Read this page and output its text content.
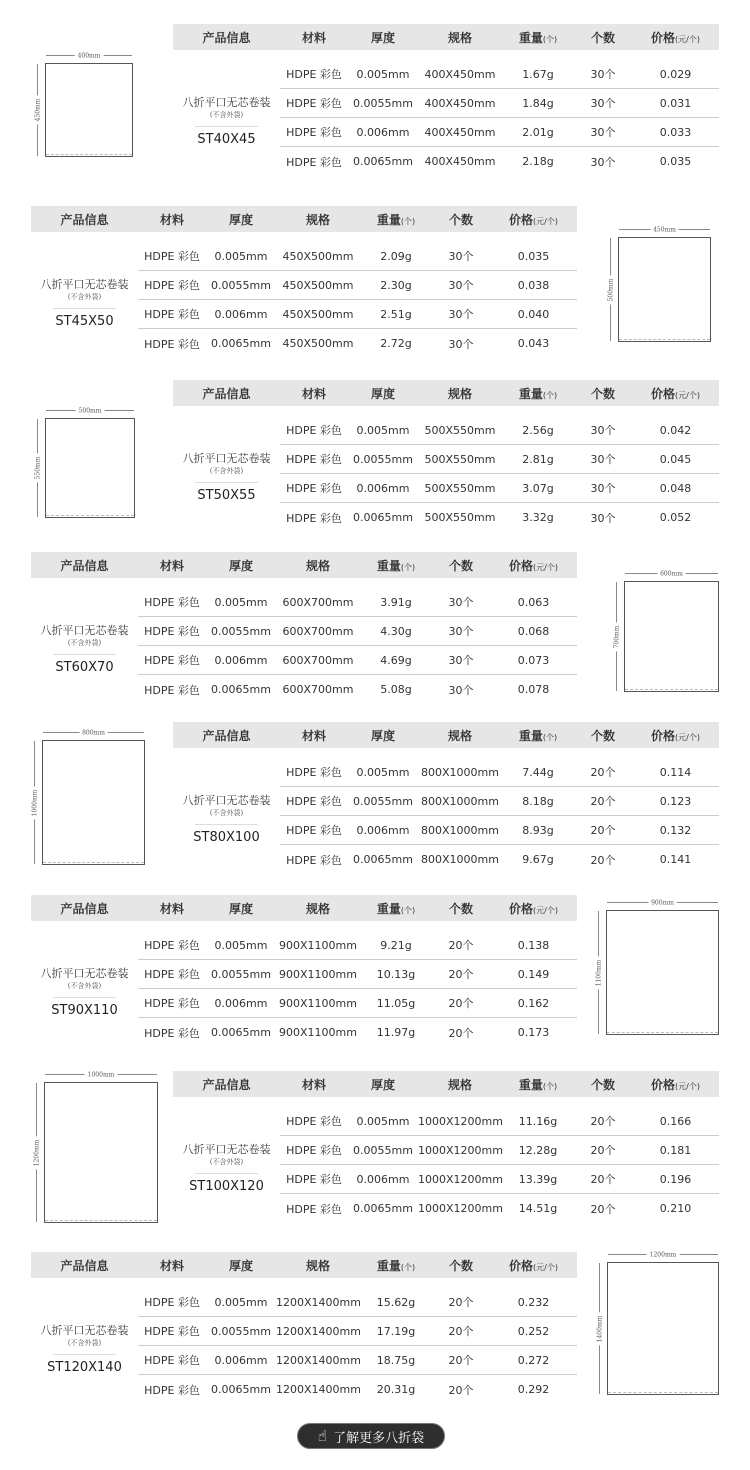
产品信息	材料	厚度	规格	重量(个)	个数	价格(元/个)
八折平口无芯卷装
(不含外袋)
ST40X45
HDPE 彩色	0.005mm	400X450mm	1.67g	30个	0.029
HDPE 彩色	0.0055mm	400X450mm	1.84g	30个	0.031
HDPE 彩色	0.006mm	400X450mm	2.01g	30个	0.033
HDPE 彩色	0.0065mm	400X450mm	2.18g	30个	0.035
400mm
450mm
产品信息	材料	厚度	规格	重量(个)	个数	价格(元/个)
八折平口无芯卷装
(不含外袋)
ST45X50
HDPE 彩色	0.005mm	450X500mm	2.09g	30个	0.035
HDPE 彩色	0.0055mm	450X500mm	2.30g	30个	0.038
HDPE 彩色	0.006mm	450X500mm	2.51g	30个	0.040
HDPE 彩色	0.0065mm	450X500mm	2.72g	30个	0.043
450mm
500mm
产品信息	材料	厚度	规格	重量(个)	个数	价格(元/个)
八折平口无芯卷装
(不含外袋)
ST50X55
HDPE 彩色	0.005mm	500X550mm	2.56g	30个	0.042
HDPE 彩色	0.0055mm	500X550mm	2.81g	30个	0.045
HDPE 彩色	0.006mm	500X550mm	3.07g	30个	0.048
HDPE 彩色	0.0065mm	500X550mm	3.32g	30个	0.052
500mm
550mm
产品信息	材料	厚度	规格	重量(个)	个数	价格(元/个)
八折平口无芯卷装
(不含外袋)
ST60X70
HDPE 彩色	0.005mm	600X700mm	3.91g	30个	0.063
HDPE 彩色	0.0055mm	600X700mm	4.30g	30个	0.068
HDPE 彩色	0.006mm	600X700mm	4.69g	30个	0.073
HDPE 彩色	0.0065mm	600X700mm	5.08g	30个	0.078
600mm
700mm
产品信息	材料	厚度	规格	重量(个)	个数	价格(元/个)
八折平口无芯卷装
(不含外袋)
ST80X100
HDPE 彩色	0.005mm	800X1000mm	7.44g	20个	0.114
HDPE 彩色	0.0055mm 800X1000mm	8.18g	20个	0.123
HDPE 彩色	0.006mm	800X1000mm	8.93g	20个	0.132
HDPE 彩色	0.0065mm 800X1000mm	9.67g	20个	0.141
800mm
1000mm
产品信息	材料	厚度	规格	重量(个)	个数	价格(元/个)
八折平口无芯卷装
(不含外袋)
ST90X110
HDPE 彩色	0.005mm	900X1100mm	9.21g	20个	0.138
HDPE 彩色	0.0055mm 900X1100mm	10.13g	20个	0.149
HDPE 彩色	0.006mm	900X1100mm	11.05g	20个	0.162
HDPE 彩色	0.0065mm 900X1100mm	11.97g	20个	0.173
900mm
1100mm
产品信息	材料	厚度	规格	重量(个)	个数	价格(元/个)
八折平口无芯卷装
(不含外袋)
ST100X120
HDPE 彩色	0.005mm 1000X1200mm	11.16g	20个	0.166
HDPE 彩色	0.0055mm 1000X1200mm	12.28g	20个	0.181
HDPE 彩色	0.006mm 1000X1200mm	13.39g	20个	0.196
HDPE 彩色	0.0065mm 1000X1200mm	14.51g	20个	0.210
1000mm
1200mm
产品信息	材料	厚度	规格	重量(个)	个数	价格(元/个)
八折平口无芯卷装
(不含外袋)
ST120X140
HDPE 彩色	0.005mm 1200X1400mm	15.62g	20个	0.232
HDPE 彩色	0.0055mm 1200X1400mm	17.19g	20个	0.252
HDPE 彩色	0.006mm 1200X1400mm	18.75g	20个	0.272
HDPE 彩色	0.0065mm 1200X1400mm	20.31g	20个	0.292
1200mm
1400mm
☝ 了解更多八折袋
